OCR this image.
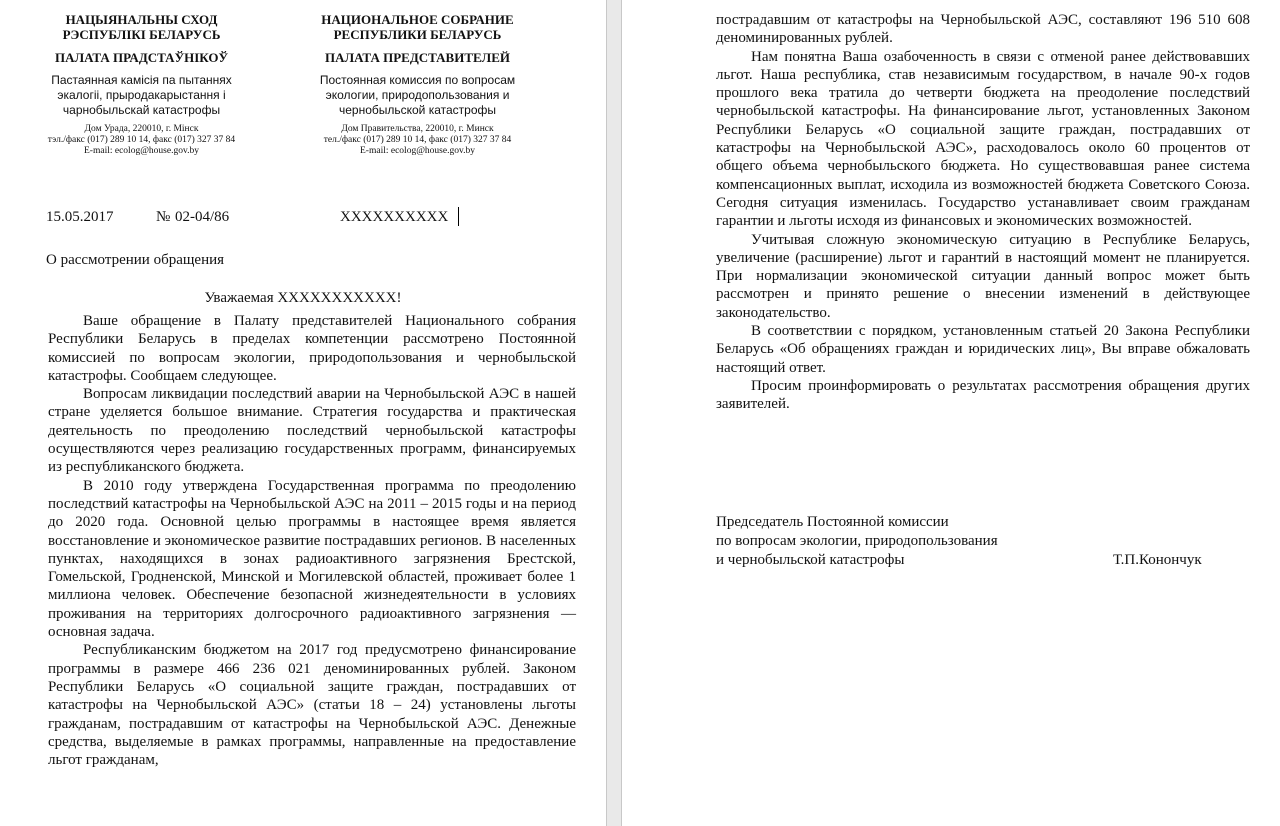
НАЦЫЯНАЛЬНЫ СХОД
РЭСПУБЛІКІ БЕЛАРУСЬ
ПАЛАТА ПРАДСТАЎНІКОЎ
Пастаянная камісія па пытаннях
экалогіі, прыродакарыстання і
чарнобыльскай катастрофы
Дом Урада, 220010, г. Мінск
тэл./факс (017) 289 10 14, факс (017) 327 37 84
E-mail: ecolog@house.gov.by
НАЦИОНАЛЬНОЕ СОБРАНИЕ
РЕСПУБЛИКИ БЕЛАРУСЬ
ПАЛАТА ПРЕДСТАВИТЕЛЕЙ
Постоянная комиссия по вопросам
экологии, природопользования и
чернобыльской катастрофы
Дом Правительства, 220010, г. Минск
тел./факс (017) 289 10 14, факс (017) 327 37 84
E-mail: ecolog@house.gov.by
15.05.2017	№ 02-04/86	XXXXXXXXXX
О рассмотрении обращения
Уважаемая XXXXXXXXXXX!

Ваше обращение в Палату представителей Национального собрания Республики Беларусь в пределах компетенции рассмотрено Постоянной комиссией по вопросам экологии, природопользования и чернобыльской катастрофы. Сообщаем следующее.

Вопросам ликвидации последствий аварии на Чернобыльской АЭС в нашей стране уделяется большое внимание. Стратегия государства и практическая деятельность по преодолению последствий чернобыльской катастрофы осуществляются через реализацию государственных программ, финансируемых из республиканского бюджета.

В 2010 году утверждена Государственная программа по преодолению последствий катастрофы на Чернобыльской АЭС на 2011 – 2015 годы и на период до 2020 года. Основной целью программы в настоящее время является восстановление и экономическое развитие пострадавших регионов. В населенных пунктах, находящихся в зонах радиоактивного загрязнения Брестской, Гомельской, Гродненской, Минской и Могилевской областей, проживает более 1 миллиона человек. Обеспечение безопасной жизнедеятельности в условиях проживания на территориях долгосрочного радиоактивного загрязнения — основная задача.

Республиканским бюджетом на 2017 год предусмотрено финансирование программы в размере 466 236 021 деноминированных рублей. Законом Республики Беларусь «О социальной защите граждан, пострадавших от катастрофы на Чернобыльской АЭС» (статьи 18 – 24) установлены льготы гражданам, пострадавшим от катастрофы на Чернобыльской АЭС. Денежные средства, выделяемые в рамках программы, направленные на предоставление льгот гражданам,

пострадавшим от катастрофы на Чернобыльской АЭС, составляют 196 510 608 деноминированных рублей.

Нам понятна Ваша озабоченность в связи с отменой ранее действовавших льгот. Наша республика, став независимым государством, в начале 90-х годов прошлого века тратила до четверти бюджета на преодоление последствий чернобыльской катастрофы. На финансирование льгот, установленных Законом Республики Беларусь «О социальной защите граждан, пострадавших от катастрофы на Чернобыльской АЭС», расходовалось около 60 процентов от общего объема чернобыльского бюджета. Но существовавшая ранее система компенсационных выплат, исходила из возможностей бюджета Советского Союза. Сегодня ситуация изменилась. Государство устанавливает своим гражданам гарантии и льготы исходя из финансовых и экономических возможностей.

Учитывая сложную экономическую ситуацию в Республике Беларусь, увеличение (расширение) льгот и гарантий в настоящий момент не планируется. При нормализации экономической ситуации данный вопрос может быть рассмотрен и принято решение о внесении изменений в действующее законодательство.

В соответствии с порядком, установленным статьей 20 Закона Республики Беларусь «Об обращениях граждан и юридических лиц», Вы вправе обжаловать настоящий ответ.

Просим проинформировать о результатах рассмотрения обращения других заявителей.

Председатель Постоянной комиссии
по вопросам экологии, природопользования
и чернобыльской катастрофы	Т.П.Конончук
